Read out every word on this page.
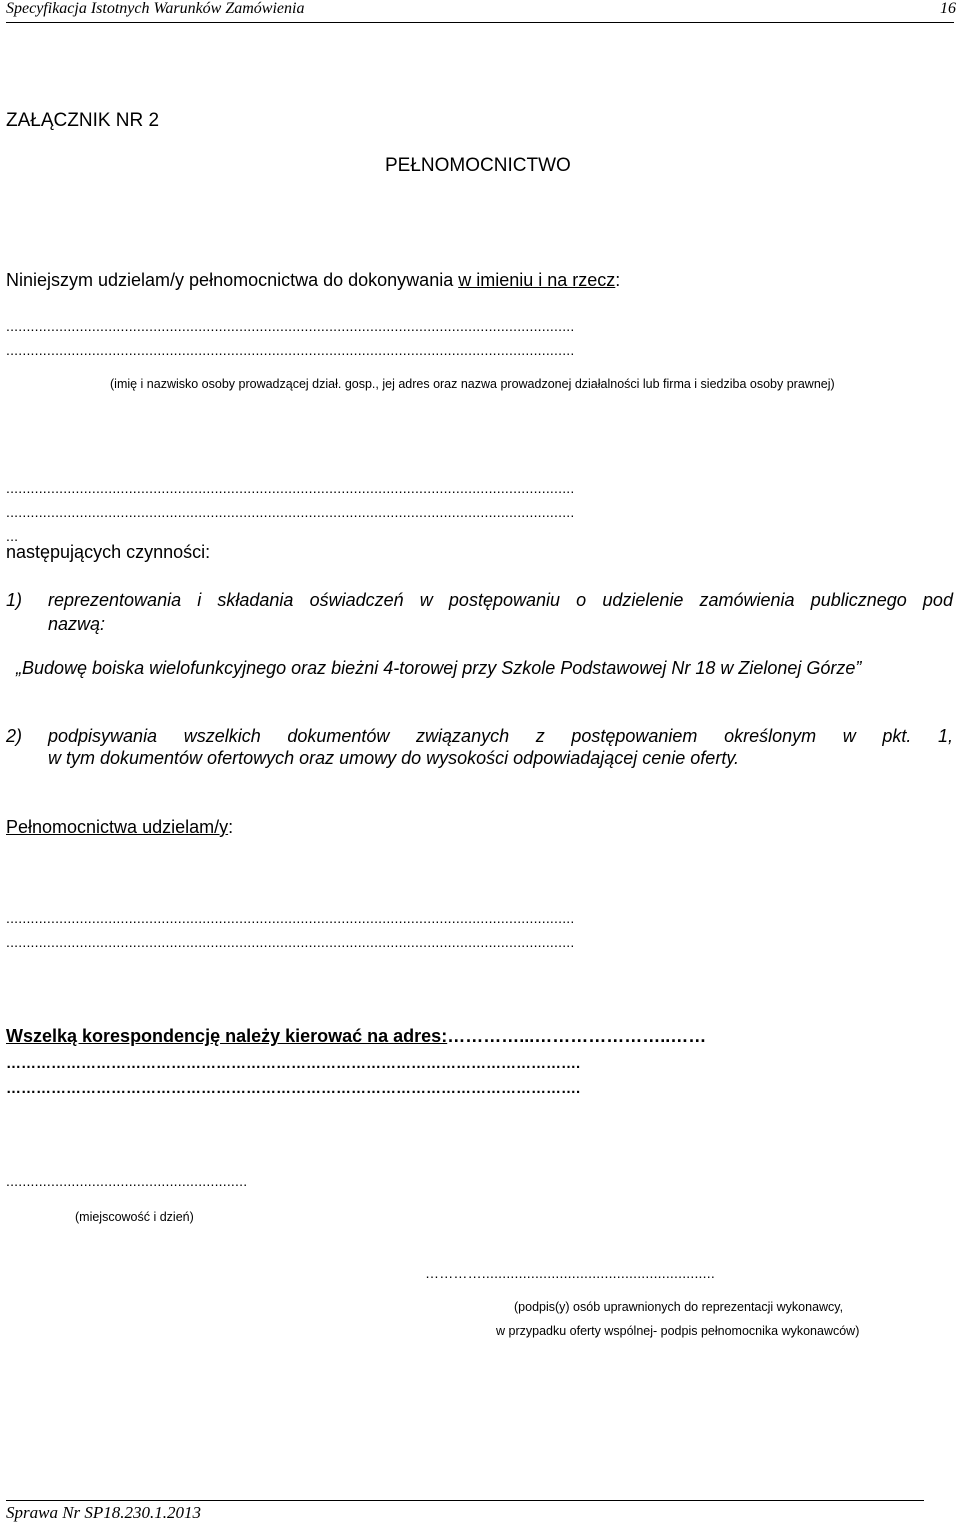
Specyfikacja Istotnych Warunków Zamówienia	16
ZAŁĄCZNIK NR 2
PEŁNOMOCNICTWO
Niniejszym udzielam/y pełnomocnictwa do dokonywania w imieniu i na rzecz:
...........................................................................................................................................
...........................................................................................................................................
(imię i nazwisko osoby prowadzącej dział. gosp., jej adres oraz nazwa prowadzonej działalności lub firma i siedziba osoby prawnej)
...........................................................................................................................................
...........................................................................................................................................
...
następujących czynności:
1) reprezentowania i składania oświadczeń w postępowaniu o udzielenie zamówienia publicznego pod
nazwą:
„Budowę boiska wielofunkcyjnego oraz bieżni 4-torowej przy Szkole Podstawowej Nr 18 w Zielonej Górze”
2) podpisywania wszelkich dokumentów związanych z postępowaniem określonym w pkt. 1,
w tym dokumentów ofertowych oraz umowy do wysokości odpowiadającej cenie oferty.
Pełnomocnictwa udzielam/y:
...........................................................................................................................................
...........................................................................................................................................
Wszelką korespondencję należy kierować na adres:…………...…………………..……
…………………………………………………………………………………………………….
…………………………………………………………………………………………………….
...........................................................
(miejscowość i dzień)
………….........................................................
(podpis(y) osób uprawnionych do reprezentacji wykonawcy,
w przypadku oferty wspólnej- podpis pełnomocnika wykonawców)
Sprawa Nr SP18.230.1.2013
